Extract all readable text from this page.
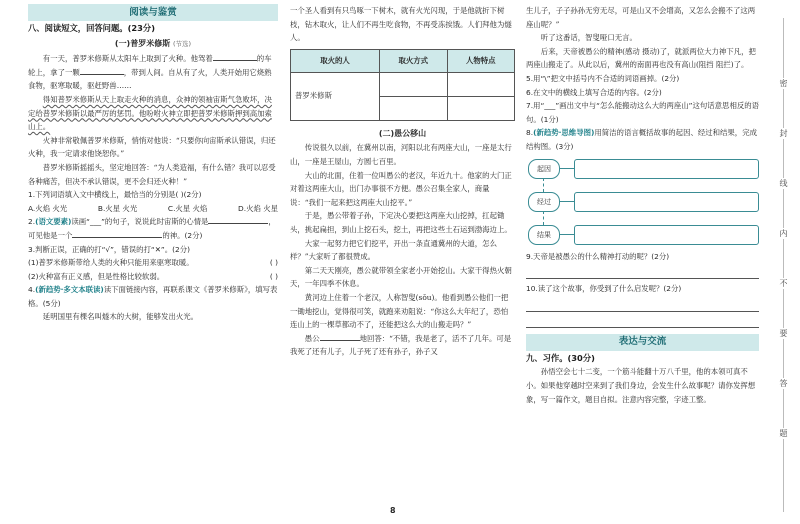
阅读与鉴赏
八、阅读短文，回答问题。(23分)
(一)普罗米修斯 (节选)
有一天，普罗米修斯从太阳车上取到了火种。他驾着	的车轮上，拿了一颗	，带到人间。自从有了火，人类开始用它烧熟食物，驱寒取暖，驱赶野兽……
得知普罗米修斯从天上取走火种的消息，众神的领袖宙斯气急败坏，决定给普罗米修斯以最严厉的惩罚。他吩咐火神立即把普罗米修斯押到高加索山上。
火神非常敬佩普罗米修斯，悄悄对他说：“只要你向宙斯承认错误，归还火种，我一定请求他饶恕你。”
普罗米修斯摇摇头，坚定地回答：“为人类造福，有什么错？我可以忍受各种痛苦，但决不承认错误，更不会归还火种！”
1.下列词语填入文中横线上，最恰当的分别是( )(2分)
A.火焰 火光	B.火星 火光	C.火星 火焰	D.火焰 火星
2.(语文要素)读画“___”的句子，说说此时宙斯的心情是	，可见他是一个	的神。(2分)
3.判断正误，正确的打“√”，错误的打“✕”。(2分)
(1)普罗米修斯带给人类的火种只能用来驱寒取暖。	( )
(2)火种富有正义感，但是性格比较软弱。	( )
4.(新趋势·多文本联读)读下面链接内容，再联系课文《普罗米修斯》，填写表格。(5分)
延明国里有棵名叫燧木的大树，能够发出火光。
一个圣人看到有只鸟啄一下树木，就有火光闪现，于是他就折下树枝，钻木取火，让人们不再生吃食物，不再受冻挨饿。人们拜他为燧人。
取火的人	取火方式	人物特点
普罗米修斯		

(二)愚公移山
传说很久以前，在冀州以南，河阳以北有两座大山，一座是太行山，一座是王屋山，方圆七百里。
大山的北面，住着一位叫愚公的老汉，年近九十。他家的大门正对着这两座大山，出门办事很不方便。愚公召集全家人，商量说：“我们一起来把这两座大山挖平。”
于是，愚公带着子孙，下定决心要把这两座大山挖掉，扛起锄头，挑起扁担，到山上挖石头，挖土，再把这些土石运到渤海边上。
大家一起努力把它们挖平，开出一条直通冀州的大道，怎么样？”大家听了都很赞成。
第二天天刚亮，愚公就带领全家老小开始挖山。大家干得热火朝天，一年四季不休息。
黄河边上住着一个老汉，人称智叟(sǒu)。他看到愚公他们一把一锄地挖山，觉得很可笑，就跑来劝阻说：“你这么大年纪了，恐怕连山上的一棵草都动不了，还能把这么大的山搬走吗？”
愚公	地回答：“不错，我是老了，活不了几年。可是我死了还有儿子，儿子死了还有孙子，孙子又
生儿子，子子孙孙无穷无尽，可是山又不会增高，又怎么会搬不了这两座山呢？”
听了这番话，智叟哑口无言。
后来，天帝被愚公的精神(感动 摄动)了，就派两位大力神下凡，把两座山搬走了。从此以后，冀州的南面再也没有高山(阻挡 阻拦)了。
5.用“\”把文中括号内不合适的词语画掉。(2分)
6.在文中的横线上填写合适的内容。(2分)
7.用“___”画出文中与“怎么能搬动这么大的两座山”这句话意思相反的语句。(1分)
8.(新趋势·思维导图)用简洁的语言概括故事的起因、经过和结果，完成结构图。(3分)
起因
经过
结果
9.天帝是被愚公的什么精神打动的呢？(2分)
10.读了这个故事，你受到了什么启发呢？(2分)
表达与交流
九、习作。(30分)
孙悟空会七十二变，一个筋斗能翻十万八千里，他的本领可真不小。如果他穿越时空来到了我们身边，会发生什么故事呢？请你发挥想象，写一篇作文，题目自拟。注意内容完整，字迹工整。
密
封
线
内
不
要
答
题
8
